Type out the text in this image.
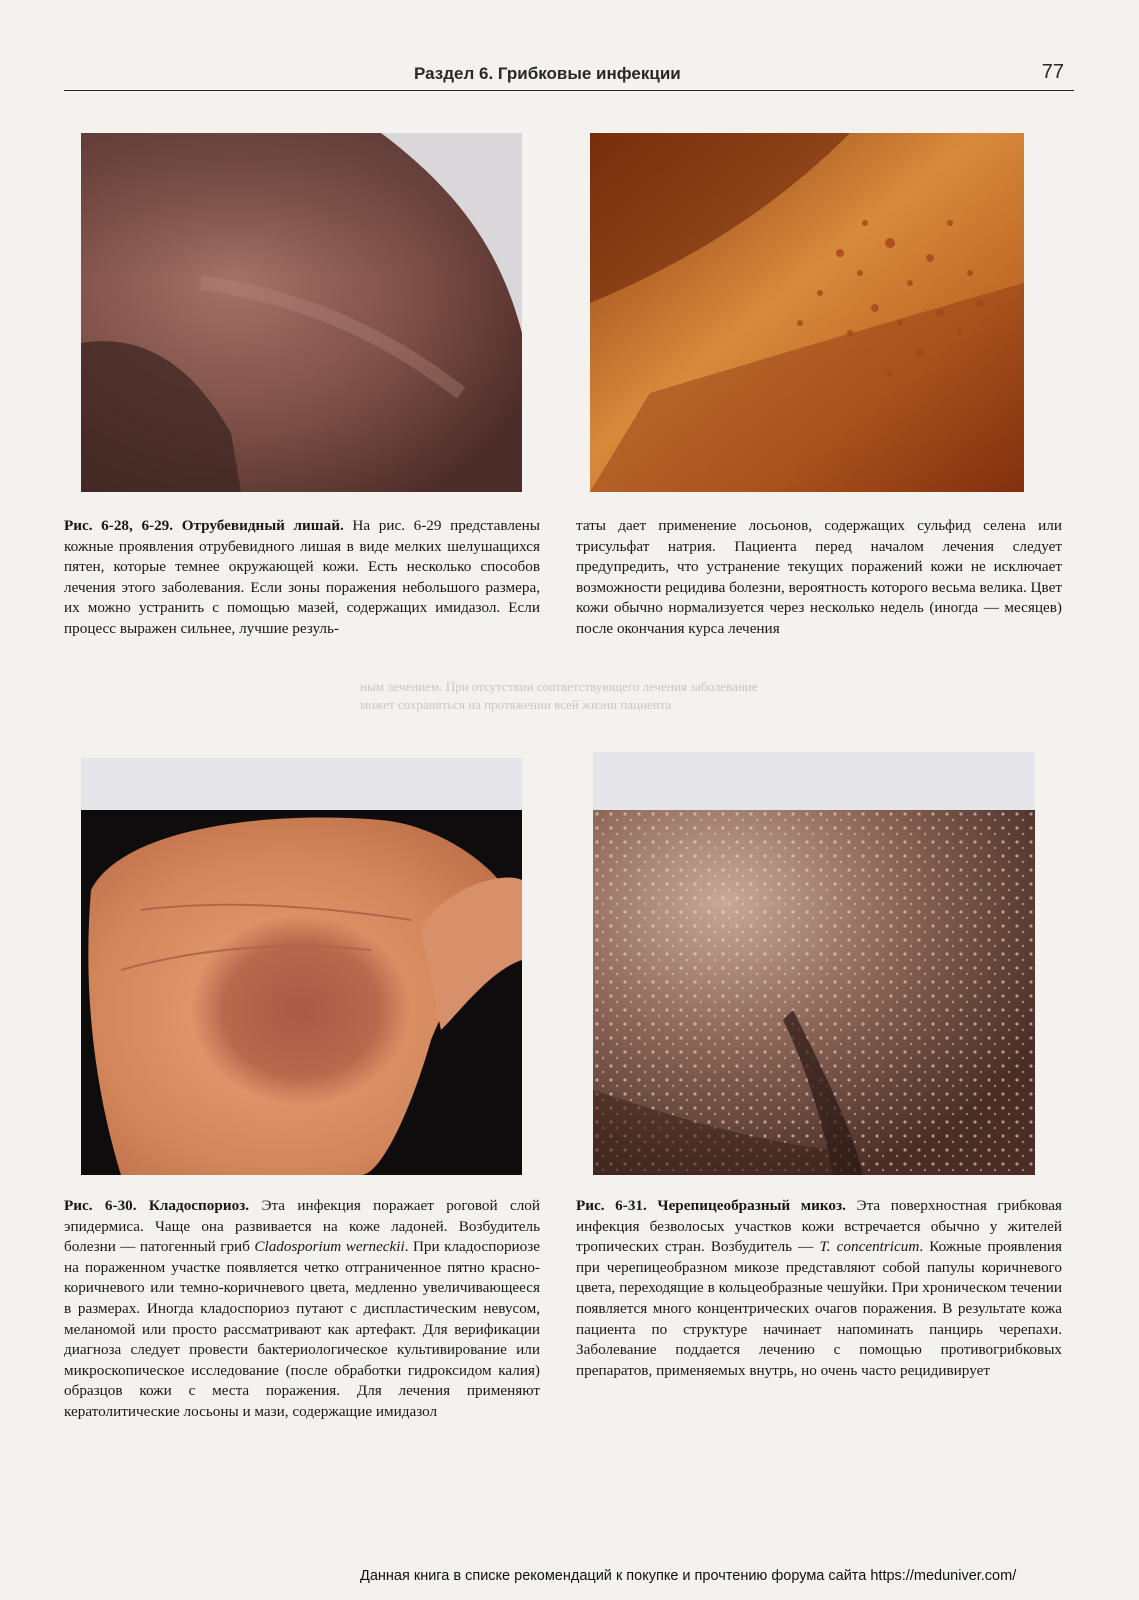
Раздел 6. Грибковые инфекции	77
Рис. 6-28, 6-29. Отрубевидный лишай. На рис. 6-29 представлены кожные проявления отрубевидного лишая в виде мелких шелушащихся пятен, которые темнее окружающей кожи. Есть несколько способов лечения этого заболевания. Если зоны поражения небольшого размера, их можно устранить с помощью мазей, содержащих имидазол. Если процесс выражен сильнее, лучшие резуль-
таты дает применение лосьонов, содержащих сульфид селена или трисульфат натрия. Пациента перед началом лечения следует предупредить, что устранение текущих поражений кожи не исключает возможности рецидива болезни, вероятность которого весьма велика. Цвет кожи обычно нормализуется через несколько недель (иногда — месяцев) после окончания курса лечения
ным лечением. При отсутствии соответствующего лечения заболевание
может сохраняться на протяжении всей жизни пациента
Рис. 6-30. Кладоспориоз. Эта инфекция поражает роговой слой эпидермиса. Чаще она развивается на коже ладоней. Возбудитель болезни — патогенный гриб Cladosporium werneckii. При кладоспориозе на пораженном участке появляется четко отграниченное пятно красно-коричневого или темно-коричневого цвета, медленно увеличивающееся в размерах. Иногда кладоспориоз путают с диспластическим невусом, меланомой или просто рассматривают как артефакт. Для верификации диагноза следует провести бактериологическое культивирование или микроскопическое исследование (после обработки гидроксидом калия) образцов кожи с места поражения. Для лечения применяют кератолитические лосьоны и мази, содержащие имидазол
Рис. 6-31. Черепицеобразный микоз. Эта поверхностная грибковая инфекция безволосых участков кожи встречается обычно у жителей тропических стран. Возбудитель — T. concentricum. Кожные проявления при черепицеобразном микозе представляют собой папулы коричневого цвета, переходящие в кольцеобразные чешуйки. При хроническом течении появляется много концентрических очагов поражения. В результате кожа пациента по структуре начинает напоминать панцирь черепахи. Заболевание поддается лечению с помощью противогрибковых препаратов, применяемых внутрь, но очень часто рецидивирует
Данная книга в списке рекомендаций к покупке и прочтению форума сайта https://meduniver.com/
